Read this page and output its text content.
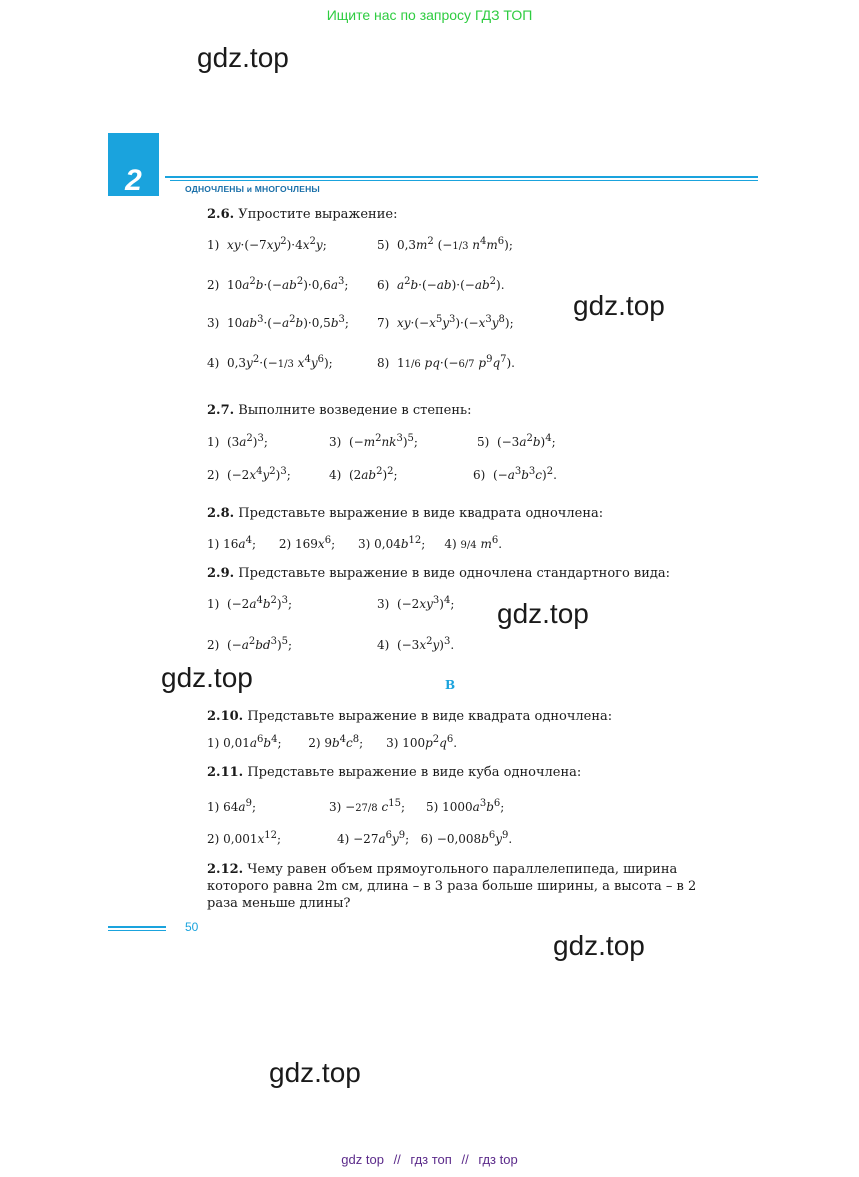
Ищите нас по запросу ГДЗ ТОП
gdz.top
gdz.top
gdz.top
gdz.top
gdz.top
gdz.top
2	ОДНОЧЛЕНЫ и МНОГОЧЛЕНЫ
2.6. Упростите выражение:
1)  $xy\cdot(-7xy^2)\cdot 4x^2y$;	5)  $0,3m^2$ (−1/3 $n^4m^6$);
2)  $10a^2b\cdot(-ab^2)\cdot 0,6a^3$; 6)  $a^2b\cdot(-ab)\cdot(-ab^2)$.
3)  $10ab^3\cdot(-a^2b)\cdot 0,5b^3$; 7)  $xy\cdot(-x^5y^3)\cdot(-x^3y^8)$;
4)  $0,3y^2\cdot(-1/3$ $x^4y^6$);	8)  11/6 pq·(−6/7 $p^9q^7$).
2.7. Выполните возведение в степень:
1)  $(3a^2)^3$;	3)  $(-m^2nk^3)^5$;	5)  $(-3a^2b)^4$;
2)  $(-2x^4y^2)^3$;	4)  $(2ab^2)^2$;	6)  $(-a^3b^3c)^2$.
2.8. Представьте выражение в виде квадрата одночлена:
1) $16a^4$;      2) $169x^6$;      3) $0,04b^{12}$;     4) 9/4 $m^6$.
2.9. Представьте выражение в виде одночлена стандартного вида:
1)  $(-2a^4b^2)^3$;	3)  $(-2xy^3)^4$;
2)  $(-a^2bd^3)^5$;	4)  $(-3x^2y)^3$.
B
2.10. Представьте выражение в виде квадрата одночлена:
1) $0,01a^6b^4$;       2) $9b^4c^8$;      3) $100p^2q^6$.
2.11. Представьте выражение в виде куба одночлена:
1) $64a^9$;	3) −27/8 $c^{15}$; 5) $1000a^3b^6$;
2) $0,001x^{12}$;	$4) -27a^6y^9$;   $6) -0,008b^6y^9$.
2.12. Чему равен объем прямоугольного параллелепипеда, ширина которого равна 2m см, длина – в 3 раза больше ширины, а высота – в 2 раза меньше длины?
50
gdz top // гдз топ // гдз top
